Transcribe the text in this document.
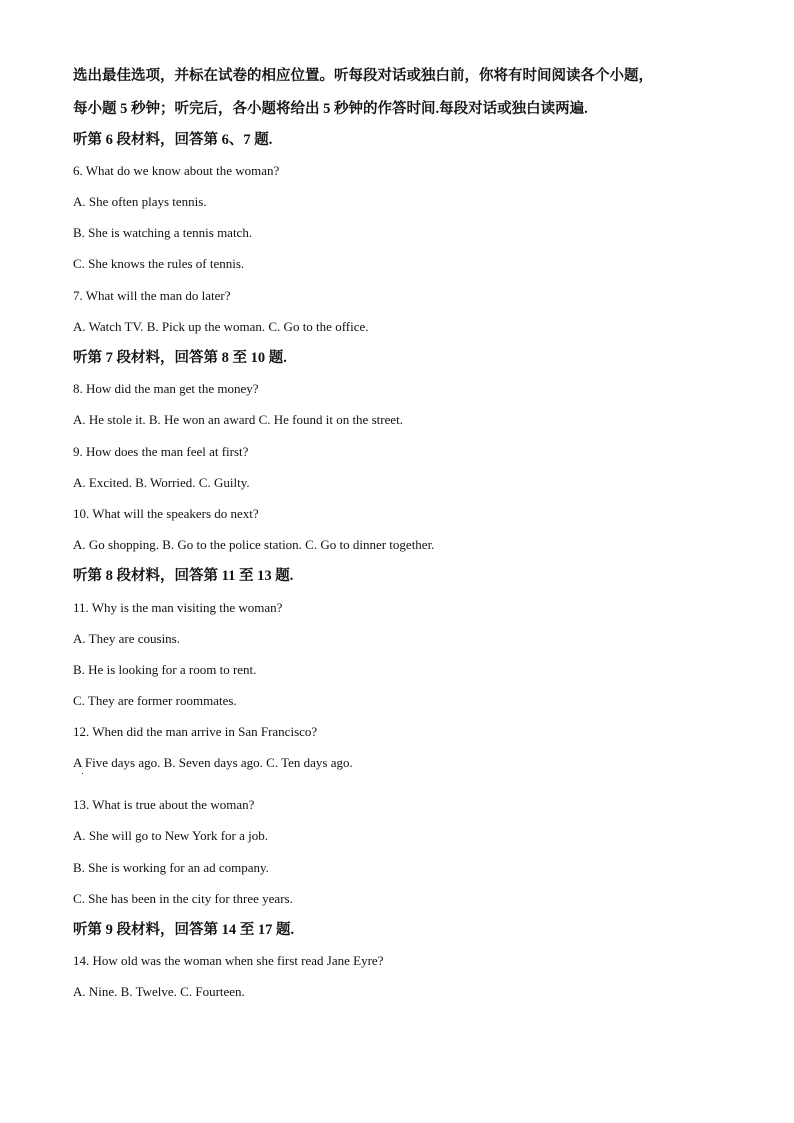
选出最佳选项，并标在试卷的相应位置。听每段对话或独白前，你将有时间阅读各个小题，
每小题 5 秒钟；听完后，各小题将给出 5 秒钟的作答时间.每段对话或独白读两遍.
听第 6 段材料，回答第 6、7 题.
6. What do we know about the woman?
A. She often plays tennis.
B. She is watching a tennis match.
C. She knows the rules of tennis.
7. What will the man do later?
A. Watch TV. B. Pick up the woman. C. Go to the office.
听第 7 段材料，回答第 8 至 10 题.
8. How did the man get the money?
A. He stole it. B. He won an award C. He found it on the street.
9. How does the man feel at first?
A. Excited. B. Worried. C. Guilty.
10. What will the speakers do next?
A. Go shopping. B. Go to the police station. C. Go to dinner together.
听第 8 段材料，回答第 11 至 13 题.
11. Why is the man visiting the woman?
A. They are cousins.
B. He is looking for a room to rent.
C. They are former roommates.
12. When did the man arrive in San Francisco?
A Five days ago. B. Seven days ago. C. Ten days ago.
13. What is true about the woman?
A. She will go to New York for a job.
B. She is working for an ad company.
C. She has been in the city for three years.
听第 9 段材料，回答第 14 至 17 题.
14. How old was the woman when she first read Jane Eyre?
A. Nine. B. Twelve. C. Fourteen.
